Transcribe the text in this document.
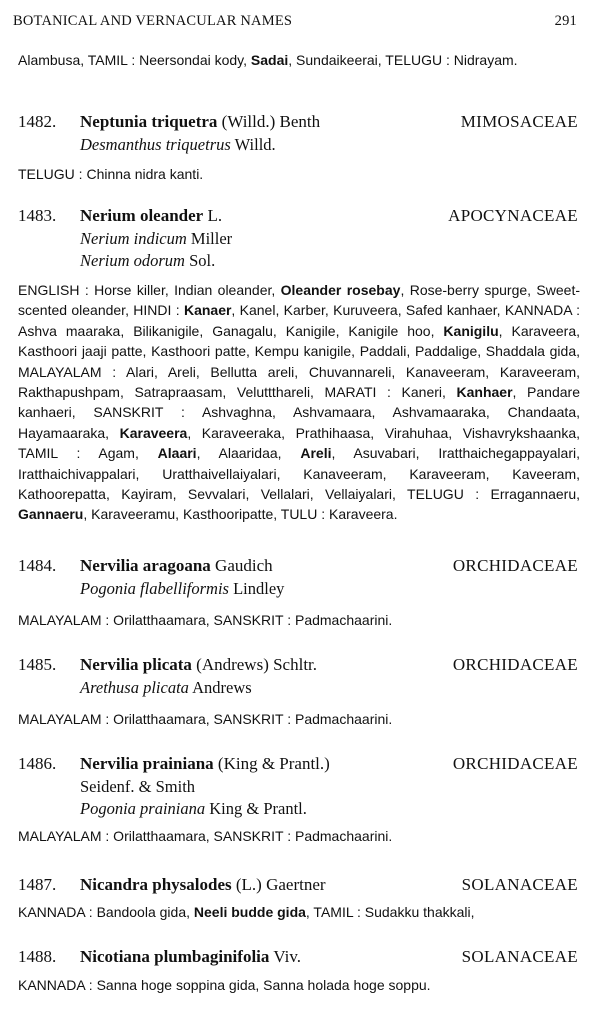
BOTANICAL AND VERNACULAR NAMES	291

Alambusa, TAMIL : Neersondai kody, Sadai, Sundaikeerai, TELUGU : Nidrayam.

1482. Neptunia triquetra (Willd.) Benth	MIMOSACEAE
Desmanthus triquetrus Willd.

TELUGU : Chinna nidra kanti.

1483. Nerium oleander L.	APOCYNACEAE
Nerium indicum Miller
Nerium odorum Sol.

ENGLISH : Horse killer, Indian oleander, Oleander rosebay, Rose-berry spurge, Sweet-scented oleander, HINDI : Kanaer, Kanel, Karber, Kuruveera, Safed kanhaer, KANNADA : Ashva maaraka, Bilikanigile, Ganagalu, Kanigile, Kanigile hoo, Kanigilu, Karaveera, Kasthoori jaaji patte, Kasthoori patte, Kempu kanigile, Paddali, Paddalige, Shaddala gida, MALAYALAM : Alari, Areli, Bellutta areli, Chuvannareli, Kanaveeram, Karaveeram, Rakthapushpam, Satrapraasam, Veluttthareli, MARATI : Kaneri, Kanhaer, Pandare kanhaeri, SANSKRIT : Ashvaghna, Ashvamaara, Ashvamaaraka, Chandaata, Hayamaaraka, Karaveera, Karaveeraka, Prathihaasa, Virahuhaa, Vishavrykshaanka, TAMIL : Agam, Alaari, Alaaridaa, Areli, Asuvabari, Iratthaichegappayalari, Iratthaichivappalari, Uratthaivellaiyalari, Kanaveeram, Karaveeram, Kaveeram, Kathoorepatta, Kayiram, Sevvalari, Vellalari, Vellaiyalari, TELUGU : Erragannaeru, Gannaeru, Karaveeramu, Kasthooripatte, TULU : Karaveera.

1484. Nervilia aragoana Gaudich	ORCHIDACEAE
Pogonia flabelliformis Lindley

MALAYALAM : Orilatthaamara, SANSKRIT : Padmachaarini.

1485. Nervilia plicata (Andrews) Schltr.	ORCHIDACEAE
Arethusa plicata Andrews

MALAYALAM : Orilatthaamara, SANSKRIT : Padmachaarini.

1486. Nervilia prainiana (King & Prantl.)	ORCHIDACEAE
Seidenf. & Smith
Pogonia prainiana King & Prantl.

MALAYALAM : Orilatthaamara, SANSKRIT : Padmachaarini.

1487. Nicandra physalodes (L.) Gaertner	SOLANACEAE

KANNADA : Bandoola gida, Neeli budde gida, TAMIL : Sudakku thakkali,

1488. Nicotiana plumbaginifolia Viv.	SOLANACEAE

KANNADA : Sanna hoge soppina gida, Sanna holada hoge soppu.
